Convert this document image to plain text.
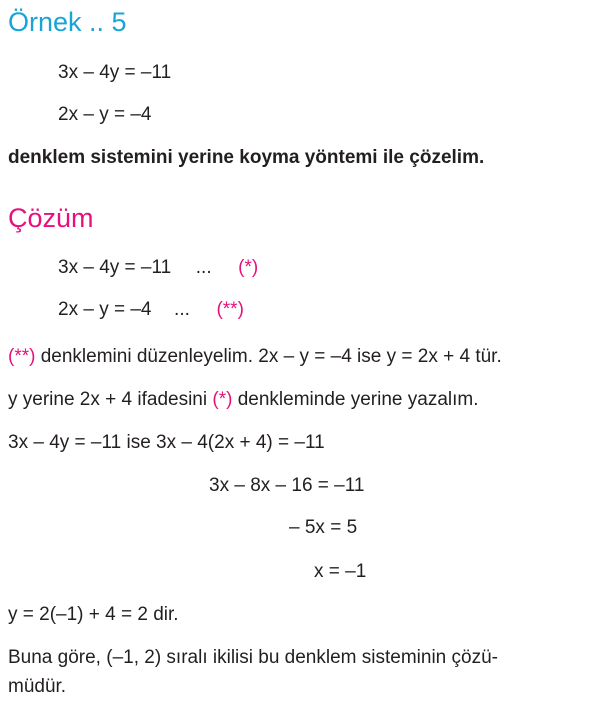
Örnek .. 5
3x – 4y = –11
2x – y = –4
denklem sistemini yerine koyma yöntemi ile çözelim.
Çözüm
3x – 4y = –11 ... (*)
2x – y = –4 ... (**)
(**) denklemini düzenleyelim. 2x – y = –4 ise y = 2x + 4 tür.
y yerine 2x + 4 ifadesini (*) denkleminde yerine yazalım.
3x – 4y = –11 ise 3x – 4(2x + 4) = –11
3x – 8x – 16 = –11
– 5x = 5
x = –1
y = 2(–1) + 4 = 2 dir.
Buna göre, (–1, 2) sıralı ikilisi bu denklem sisteminin çözü-
müdür.
